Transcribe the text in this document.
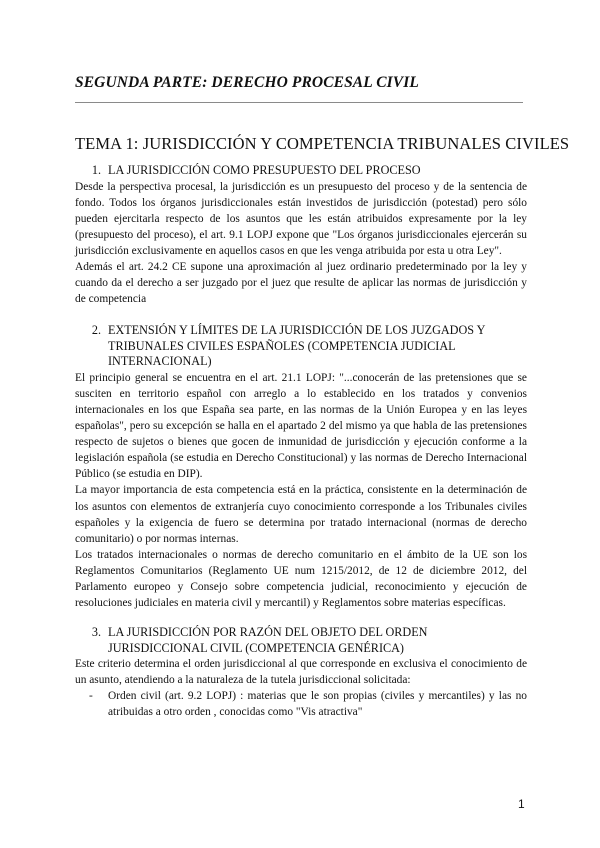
SEGUNDA PARTE: DERECHO PROCESAL CIVIL
TEMA 1: JURISDICCIÓN Y COMPETENCIA TRIBUNALES CIVILES
1. LA JURISDICCIÓN COMO PRESUPUESTO DEL PROCESO

Desde la perspectiva procesal, la jurisdicción es un presupuesto del proceso y de la sentencia de fondo. Todos los órganos jurisdiccionales están investidos de jurisdicción (potestad) pero sólo pueden ejercitarla respecto de los asuntos que les están atribuidos expresamente por la ley (presupuesto del proceso), el art. 9.1 LOPJ expone que "Los órganos jurisdiccionales ejercerán su jurisdicción exclusivamente en aquellos casos en que les venga atribuida por esta u otra Ley".

Además el art. 24.2 CE supone una aproximación al juez ordinario predeterminado por la ley y cuando da el derecho a ser juzgado por el juez que resulte de aplicar las normas de jurisdicción y de competencia

2. EXTENSIÓN Y LÍMITES DE LA JURISDICCIÓN DE LOS JUZGADOS Y TRIBUNALES CIVILES ESPAÑOLES (COMPETENCIA JUDICIAL INTERNACIONAL)

El principio general se encuentra en el art. 21.1 LOPJ: "...conocerán de las pretensiones que se susciten en territorio español con arreglo a lo establecido en los tratados y convenios internacionales en los que España sea parte, en las normas de la Unión Europea y en las leyes españolas", pero su excepción se halla en el apartado 2 del mismo ya que habla de las pretensiones respecto de sujetos o bienes que gocen de inmunidad de jurisdicción y ejecución conforme a la legislación española (se estudia en Derecho Constitucional) y las normas de Derecho Internacional Público (se estudia en DIP).

La mayor importancia de esta competencia está en la práctica, consistente en la determinación de los asuntos con elementos de extranjería cuyo conocimiento corresponde a los Tribunales civiles españoles y la exigencia de fuero se determina por tratado internacional (normas de derecho comunitario) o por normas internas.

Los tratados internacionales o normas de derecho comunitario en el ámbito de la UE son los Reglamentos Comunitarios (Reglamento UE num 1215/2012, de 12 de diciembre 2012, del Parlamento europeo y Consejo sobre competencia judicial, reconocimiento y ejecución de resoluciones judiciales en materia civil y mercantil) y Reglamentos sobre materias específicas.

3. LA JURISDICCIÓN POR RAZÓN DEL OBJETO DEL ORDEN JURISDICCIONAL CIVIL (COMPETENCIA GENÉRICA)

Este criterio determina el orden jurisdiccional al que corresponde en exclusiva el conocimiento de un asunto, atendiendo a la naturaleza de la tutela jurisdiccional solicitada:

-	Orden civil (art. 9.2 LOPJ) : materias que le son propias (civiles y mercantiles) y las no atribuidas a otro orden , conocidas como "Vis atractiva"
1
